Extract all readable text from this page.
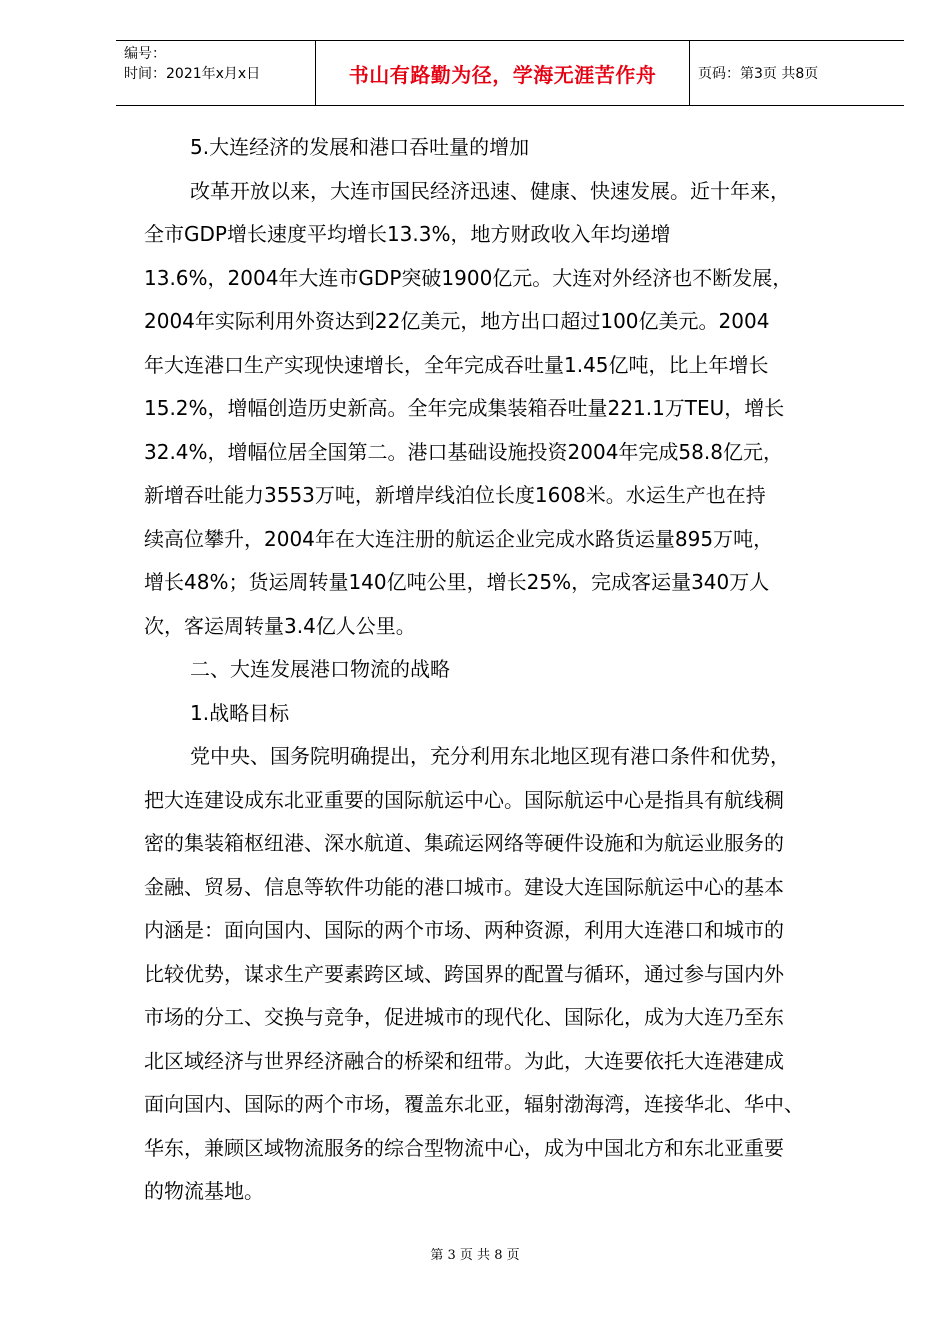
编号：
时间：2021年x月x日	书山有路勤为径，学海无涯苦作舟	页码：第3页 共8页

5.大连经济的发展和港口吞吐量的增加

改革开放以来，大连市国民经济迅速、健康、快速发展。近十年来，

全市GDP增长速度平均增长13.3%，地方财政收入年均递增

13.6%，2004年大连市GDP突破1900亿元。大连对外经济也不断发展，

2004年实际利用外资达到22亿美元，地方出口超过100亿美元。2004

年大连港口生产实现快速增长，全年完成吞吐量1.45亿吨，比上年增长

15.2%，增幅创造历史新高。全年完成集装箱吞吐量221.1万TEU，增长

32.4%，增幅位居全国第二。港口基础设施投资2004年完成58.8亿元，

新增吞吐能力3553万吨，新增岸线泊位长度1608米。水运生产也在持

续高位攀升，2004年在大连注册的航运企业完成水路货运量895万吨，

增长48%；货运周转量140亿吨公里，增长25%，完成客运量340万人

次，客运周转量3.4亿人公里。

二、大连发展港口物流的战略

1.战略目标

党中央、国务院明确提出，充分利用东北地区现有港口条件和优势，

把大连建设成东北亚重要的国际航运中心。国际航运中心是指具有航线稠

密的集装箱枢纽港、深水航道、集疏运网络等硬件设施和为航运业服务的

金融、贸易、信息等软件功能的港口城市。建设大连国际航运中心的基本

内涵是：面向国内、国际的两个市场、两种资源，利用大连港口和城市的

比较优势，谋求生产要素跨区域、跨国界的配置与循环，通过参与国内外

市场的分工、交换与竞争，促进城市的现代化、国际化，成为大连乃至东

北区域经济与世界经济融合的桥梁和纽带。为此，大连要依托大连港建成

面向国内、国际的两个市场，覆盖东北亚，辐射渤海湾，连接华北、华中、

华东，兼顾区域物流服务的综合型物流中心，成为中国北方和东北亚重要

的物流基地。

第 3 页 共 8 页
